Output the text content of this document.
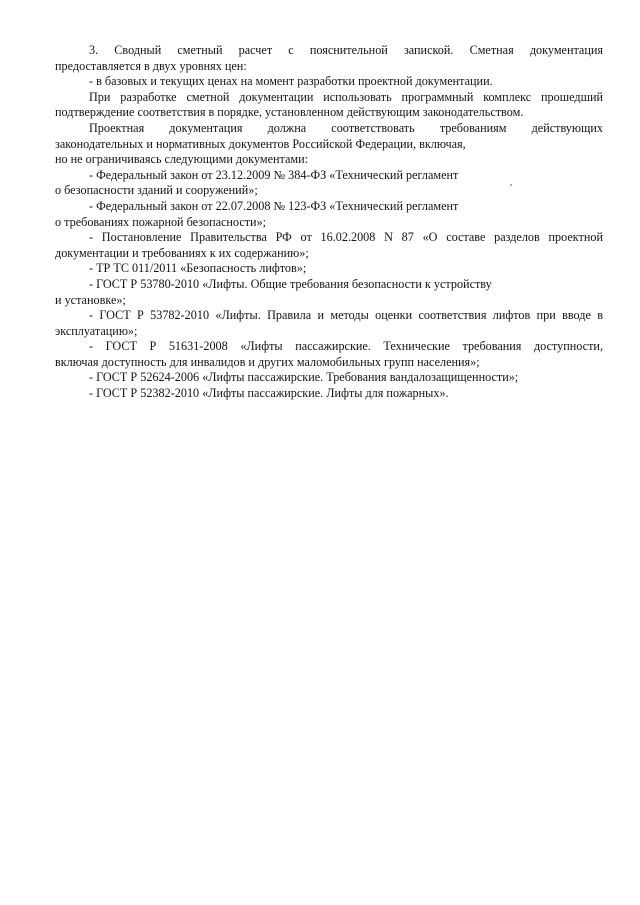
3. Сводный сметный расчет с пояснительной запиской. Сметная документация
предоставляется в двух уровнях цен:
- в базовых и текущих ценах на момент разработки проектной документации.
При разработке сметной документации использовать программный комплекс прошедший
подтверждение соответствия в порядке, установленном действующим законодательством.
Проектная документация должна соответствовать требованиям действующих
законодательных и нормативных документов Российской Федерации, включая,
но не ограничиваясь следующими документами:
- Федеральный закон от 23.12.2009 № 384-ФЗ «Технический регламент
о безопасности зданий и сооружений»;
- Федеральный закон от 22.07.2008 № 123-ФЗ «Технический регламент
о требованиях пожарной безопасности»;
- Постановление Правительства РФ от 16.02.2008 N 87 «О составе разделов проектной
документации и требованиях к их содержанию»;
- ТР ТС 011/2011 «Безопасность лифтов»;
- ГОСТ Р 53780-2010 «Лифты. Общие требования безопасности к устройству
и установке»;
- ГОСТ Р 53782-2010 «Лифты. Правила и методы оценки соответствия лифтов при вводе в
эксплуатацию»;
- ГОСТ Р 51631-2008 «Лифты пассажирские. Технические требования доступности,
включая доступность для инвалидов и других маломобильных групп населения»;
- ГОСТ Р 52624-2006 «Лифты пассажирские. Требования вандалозащищенности»;
- ГОСТ Р 52382-2010 «Лифты пассажирские. Лифты для пожарных».
